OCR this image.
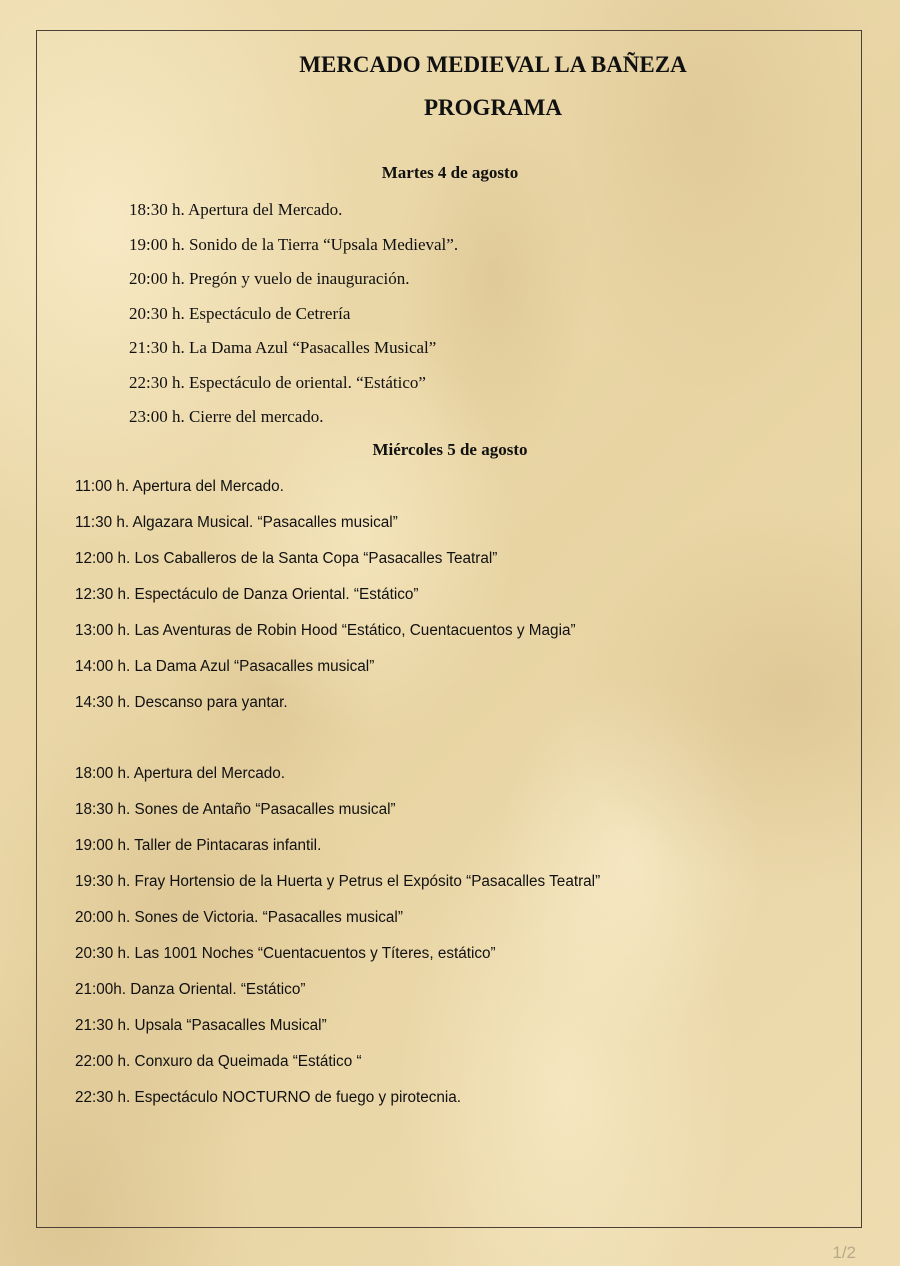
MERCADO MEDIEVAL LA BAÑEZA
PROGRAMA
Martes 4 de agosto
18:30 h. Apertura del Mercado.
19:00 h. Sonido de la Tierra “Upsala Medieval”.
20:00 h. Pregón y vuelo de inauguración.
20:30 h. Espectáculo de Cetrería
21:30 h. La Dama Azul “Pasacalles Musical”
22:30 h. Espectáculo de oriental. “Estático”
23:00 h. Cierre del mercado.
Miércoles 5 de agosto
11:00 h. Apertura del Mercado.
11:30 h. Algazara Musical. “Pasacalles musical”
12:00 h. Los Caballeros de la Santa Copa “Pasacalles Teatral”
12:30 h. Espectáculo de Danza Oriental. “Estático”
13:00 h. Las Aventuras de Robin Hood “Estático, Cuentacuentos y Magia”
14:00 h. La Dama Azul “Pasacalles musical”
14:30 h. Descanso para yantar.
18:00 h. Apertura del Mercado.
18:30 h. Sones de Antaño “Pasacalles musical”
19:00 h. Taller de Pintacaras infantil.
19:30 h. Fray Hortensio de la Huerta y Petrus el Expósito “Pasacalles Teatral”
20:00 h. Sones de Victoria. “Pasacalles musical”
20:30 h. Las 1001 Noches “Cuentacuentos y Títeres, estático”
21:00h. Danza Oriental. “Estático”
21:30 h. Upsala “Pasacalles Musical”
22:00 h. Conxuro da Queimada “Estático “
22:30 h. Espectáculo NOCTURNO de fuego y pirotecnia.
1/2
